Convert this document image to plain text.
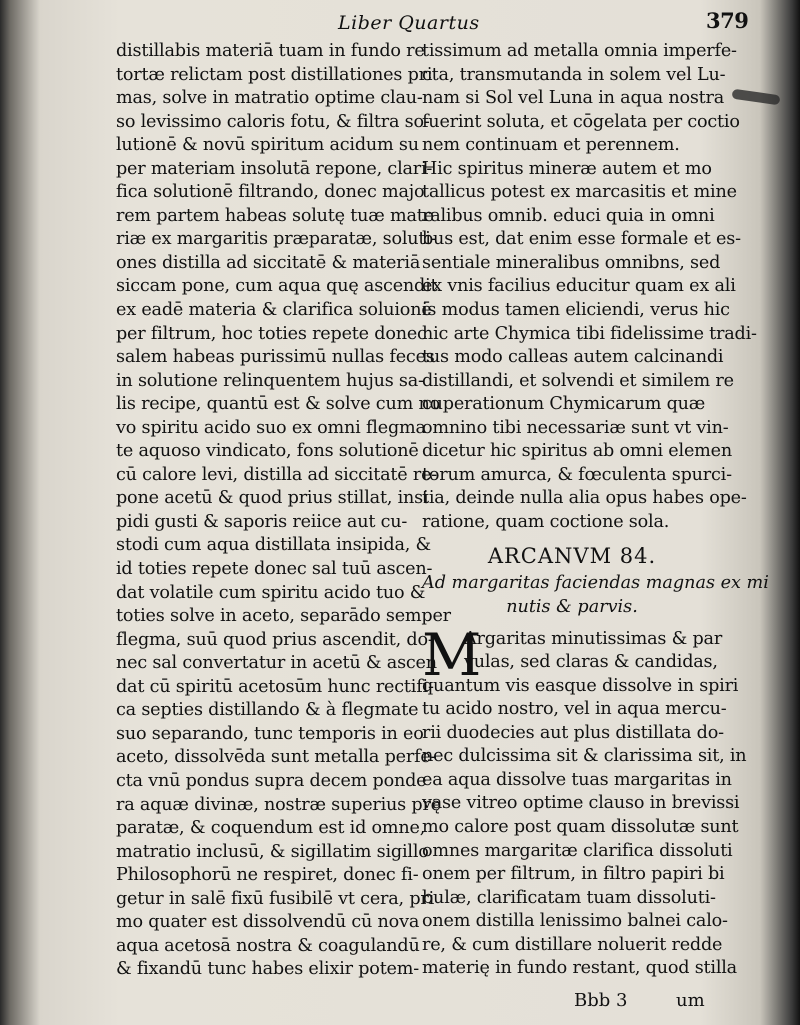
Liber Quartus	379
distillabis materiā tuam in fundo re
tortæ relictam post distillationes pri
mas, solve in matratio optime clau-
so levissimo caloris fotu, & filtra so-
lutionē & novū spiritum acidum su
per materiam insolutā repone, clari-
fica solutionē filtrando, donec majo
rem partem habeas solutę tuæ mate
riæ ex margaritis præparatæ, soluti-
ones distilla ad siccitatē & materiā
siccam pone, cum aqua quę ascendit
ex eadē materia & clarifica soluionē
per filtrum, hoc toties repete donec
salem habeas purissimū nullas feces
in solutione relinquentem hujus sa-
lis recipe, quantū est & solve cum no
vo spiritu acido suo ex omni flegma
te aquoso vindicato, fons solutionē
cū calore levi, distilla ad siccitatē re-
pone acetū & quod prius stillat, insi
pidi gusti & saporis reiice aut cu-
stodi cum aqua distillata insipida, &
id toties repete donec sal tuū ascen-
dat volatile cum spiritu acido tuo &
toties solve in aceto, separādo semper
flegma, suū quod prius ascendit, do-
nec sal convertatur in acetū & ascen
dat cū spiritū acetosūm hunc rectifi-
ca septies distillando & à flegmate
suo separando, tunc temporis in eo
aceto, dissolvēda sunt metalla perfe-
cta vnū pondus supra decem ponde
ra aquæ divinæ, nostræ superius prę
paratæ, & coquendum est id omne,
matratio inclusū, & sigillatim sigillo
Philosophorū ne respiret, donec fi-
getur in salē fixū fusibilē vt cera, pri
mo quater est dissolvendū cū nova
aqua acetosā nostra & coagulandū
& fixandū tunc habes elixir potem-
tissimum ad metalla omnia imperfe-
cta, transmutanda in solem vel Lu-
nam si Sol vel Luna in aqua nostra
fuerint soluta, et cōgelata per coctio
nem continuam et perennem.
Hic spiritus mineræ autem et mo
tallicus potest ex marcasitis et mine
ralibus omnib. educi quia in omni
bus est, dat enim esse formale et es-
sentiale mineralibus omnibns, sed
ex vnis facilius educitur quam ex ali
is modus tamen eliciendi, verus hic
hic arte Chymica tibi fidelissime tradi-
tus modo calleas autem calcinandi
distillandi, et solvendi et similem re
cuperationum Chymicarum quæ
omnino tibi necessariæ sunt vt vin-
dicetur hic spiritus ab omni elemen
torum amurca, & fœculenta spurci-
tia, deinde nulla alia opus habes ope-
ratione, quam coctione sola.
ARCANVM 84.
Ad margaritas faciendas magnas ex mi
nutis & parvis.
M
Argaritas minutissimas & par
vulas, sed claras & candidas,
quantum vis easque dissolve in spiri
tu acido nostro, vel in aqua mercu-
rii duodecies aut plus distillata do-
nec dulcissima sit & clarissima sit, in
ea aqua dissolve tuas margaritas in
vase vitreo optime clauso in brevissi
mo calore post quam dissolutæ sunt
omnes margaritæ clarifica dissoluti
onem per filtrum, in filtro papiri bi
bulæ, clarificatam tuam dissoluti-
onem distilla lenissimo balnei calo-
re, & cum distillare noluerit redde
materię in fundo restant, quod stilla
Bbb 3	um
